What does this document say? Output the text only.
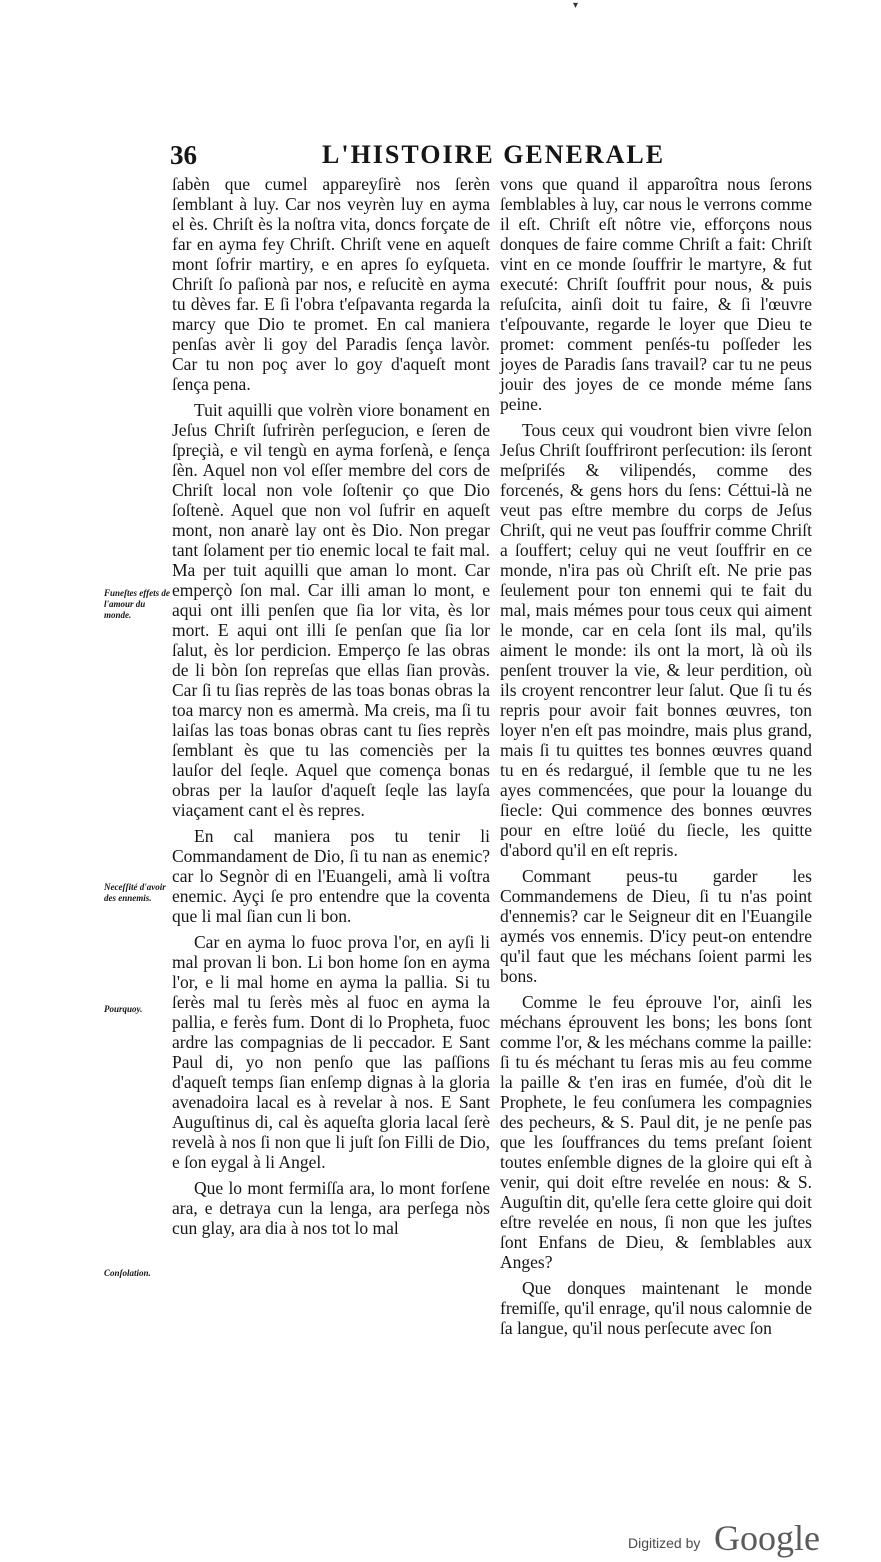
▾
36	L'HISTOIRE GENERALE
Funeſtes effets de l'amour du monde.
Neceſſité d'avoir des ennemis.
Pourquoy.
Conſolation.

ſabèn que cumel appareyſirè nos ſerèn ſemblant à luy. Car nos veyrèn luy en ayma el ès. Chriſt ès la noſtra vita, doncs forçate de far en ayma fey Chriſt. Chriſt vene en aqueſt mont ſofrir martiry, e en apres ſo eyſqueta. Chriſt ſo paſionà par nos, e reſucitè en ayma tu dèves far. E ſi l'obra t'eſpavanta regarda la marcy que Dio te promet. En cal maniera penſas avèr li goy del Paradis ſença lavòr. Car tu non poç aver lo goy d'aqueſt mont ſença pena.

Tuit aquilli que volrèn viore bonament en Jeſus Chriſt ſufrirèn perſegucion, e ſeren de ſpreçià, e vil tengù en ayma forſenà, e ſença ſèn. Aquel non vol eſſer membre del cors de Chriſt local non vole ſoſtenir ço que Dio ſoſtenè. Aquel que non vol ſufrir en aqueſt mont, non anarè lay ont ès Dio. Non pregar tant ſolament per tio enemic local te fait mal. Ma per tuit aquilli que aman lo mont. Car emperçò ſon mal. Car illi aman lo mont, e aqui ont illi penſen que ſia lor vita, ès lor mort. E aqui ont illi ſe penſan que ſia lor ſalut, ès lor perdicion. Emperço ſe las obras de li bòn ſon repreſas que ellas ſian provàs. Car ſi tu ſias reprès de las toas bonas obras la toa marcy non es amermà. Ma creis, ma ſi tu laiſas las toas bonas obras cant tu ſies reprès ſemblant ès que tu las comenciès per la lauſor del ſeqle. Aquel que comença bonas obras per la lauſor d'aqueſt ſeqle las layſa viaçament cant el ès repres.

En cal maniera pos tu tenir li Commandament de Dio, ſi tu nan as enemic? car lo Segnòr di en l'Euangeli, amà li voſtra enemic. Ayçi ſe pro entendre que la coventa que li mal ſian cun li bon.

Car en ayma lo fuoc prova l'or, en ayſi li mal provan li bon. Li bon home ſon en ayma l'or, e li mal home en ayma la pallia. Si tu ſerès mal tu ſerès mès al fuoc en ayma la pallia, e ferès fum. Dont di lo Propheta, fuoc ardre las compagnias de li peccador. E Sant Paul di, yo non penſo que las paſſions d'aqueſt temps ſian enſemp dignas à la gloria avenadoira lacal es à revelar à nos. E Sant Auguſtinus di, cal ès aqueſta gloria lacal ſerè revelà à nos ſi non que li juſt ſon Filli de Dio, e ſon eygal à li Angel.

Que lo mont fermiſſa ara, lo mont forſene ara, e detraya cun la lenga, ara perſega nòs cun glay, ara dia à nos tot lo mal

vons que quand il apparoîtra nous ſerons ſemblables à luy, car nous le verrons comme il eſt. Chriſt eſt nôtre vie, efforçons nous donques de faire comme Chriſt a fait: Chriſt vint en ce monde ſouffrir le martyre, & fut executé: Chriſt ſouffrit pour nous, & puis reſuſcita, ainſi doit tu faire, & ſi l'œuvre t'eſpouvante, regarde le loyer que Dieu te promet: comment penſés-tu poſſeder les joyes de Paradis ſans travail? car tu ne peus jouir des joyes de ce monde méme ſans peine.

Tous ceux qui voudront bien vivre ſelon Jeſus Chriſt ſouffriront perſecution: ils ſeront meſpriſés & vilipendés, comme des forcenés, & gens hors du ſens: Céttui-là ne veut pas eſtre membre du corps de Jeſus Chriſt, qui ne veut pas ſouffrir comme Chriſt a ſouffert; celuy qui ne veut ſouffrir en ce monde, n'ira pas où Chriſt eſt. Ne prie pas ſeulement pour ton ennemi qui te fait du mal, mais mémes pour tous ceux qui aiment le monde, car en cela ſont ils mal, qu'ils aiment le monde: ils ont la mort, là où ils penſent trouver la vie, & leur perdition, où ils croyent rencontrer leur ſalut. Que ſi tu és repris pour avoir fait bonnes œuvres, ton loyer n'en eſt pas moindre, mais plus grand, mais ſi tu quittes tes bonnes œuvres quand tu en és redargué, il ſemble que tu ne les ayes commencées, que pour la louange du ſiecle: Qui commence des bonnes œuvres pour en eſtre loüé du ſiecle, les quitte d'abord qu'il en eſt repris.

Commant peus-tu garder les Commandemens de Dieu, ſi tu n'as point d'ennemis? car le Seigneur dit en l'Euangile aymés vos ennemis. D'icy peut-on entendre qu'il faut que les méchans ſoient parmi les bons.

Comme le feu éprouve l'or, ainſi les méchans éprouvent les bons; les bons ſont comme l'or, & les méchans comme la paille: ſi tu és méchant tu ſeras mis au feu comme la paille & t'en iras en fumée, d'où dit le Prophete, le feu conſumera les compagnies des pecheurs, & S. Paul dit, je ne penſe pas que les ſouffrances du tems preſant ſoient toutes enſemble dignes de la gloire qui eſt à venir, qui doit eſtre revelée en nous: & S. Auguſtin dit, qu'elle ſera cette gloire qui doit eſtre revelée en nous, ſi non que les juſtes ſont Enfans de Dieu, & ſemblables aux Anges?

Que donques maintenant le monde fremiſſe, qu'il enrage, qu'il nous calomnie de ſa langue, qu'il nous perſecute avec ſon

Digitized by Google
